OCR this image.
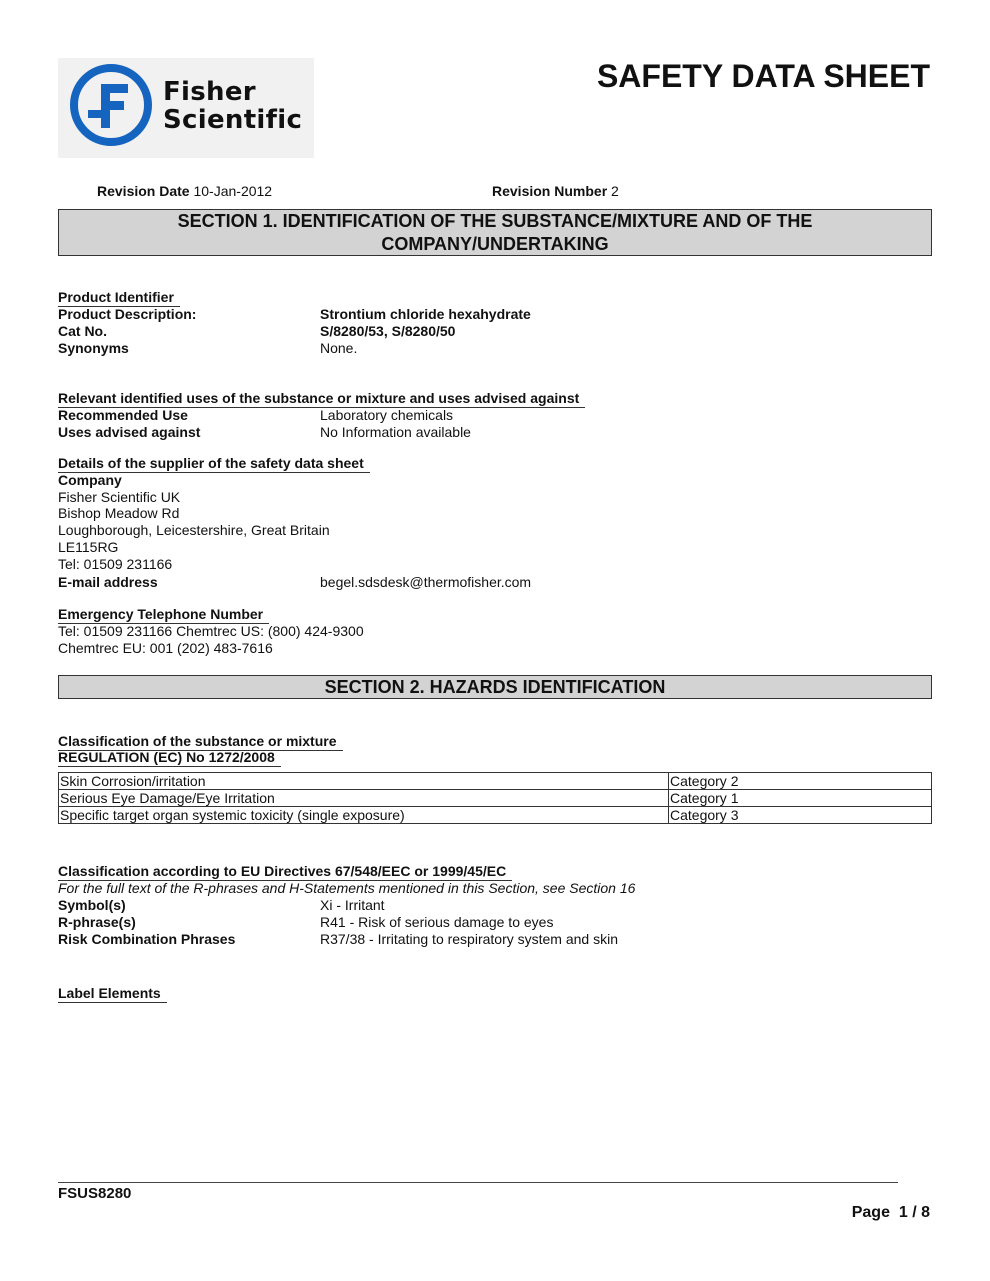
Fisher
Scientific
SAFETY DATA SHEET
Revision Date 10-Jan-2012	Revision Number 2
SECTION 1. IDENTIFICATION OF THE SUBSTANCE/MIXTURE AND OF THE
COMPANY/UNDERTAKING
Product Identifier
Product Description:	Strontium chloride hexahydrate
Cat No.	S/8280/53, S/8280/50
Synonyms	None.
Relevant identified uses of the substance or mixture and uses advised against
Recommended Use	Laboratory chemicals
Uses advised against	No Information available
Details of the supplier of the safety data sheet
Company
Fisher Scientific UK
Bishop Meadow Rd
Loughborough, Leicestershire, Great Britain
LE115RG
Tel: 01509 231166
E-mail address	begel.sdsdesk@thermofisher.com
Emergency Telephone Number
Tel: 01509 231166 Chemtrec US: (800) 424-9300
Chemtrec EU: 001 (202) 483-7616
SECTION 2. HAZARDS IDENTIFICATION
Classification of the substance or mixture
REGULATION (EC) No 1272/2008
Skin Corrosion/irritation	Category 2
Serious Eye Damage/Eye Irritation	Category 1
Specific target organ systemic toxicity (single exposure)	Category 3
Classification according to EU Directives 67/548/EEC or 1999/45/EC
For the full text of the R-phrases and H-Statements mentioned in this Section, see Section 16
Symbol(s)	Xi - Irritant
R-phrase(s)	R41 - Risk of serious damage to eyes
Risk Combination Phrases	R37/38 - Irritating to respiratory system and skin
Label Elements
FSUS8280
Page 1 / 8
